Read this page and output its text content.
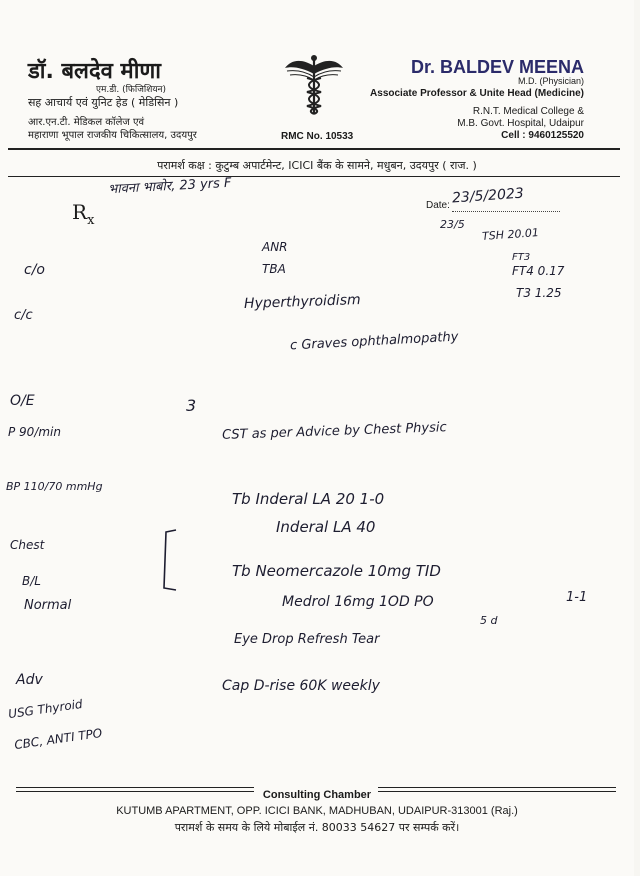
डॉ. बलदेव मीणा
एम.डी. (फिजिशियन)
सह आचार्य एवं युनिट हेड ( मेडिसिन )
आर.एन.टी. मेडिकल कॉलेज एवं
महाराणा भूपाल राजकीय चिकित्सालय, उदयपुर	RMC No. 10533
Dr. BALDEV MEENA
M.D. (Physician)
Associate Professor & Unite Head (Medicine)
R.N.T. Medical College &
M.B. Govt. Hospital, Udaipur
Cell : 9460125520
परामर्श कक्ष : कुटुम्ब अपार्टमेन्ट, ICICI बैंक के सामने, मधुबन, उदयपुर ( राज. )
$R_x$
Date:
भावना भाबोर, 23 yrs F	23/5/2023
23/5
TSH 20.01
FT3
FT4 0.17
T3 1.25
c/o
ANR
TBA
Hyperthyroidism
c Graves ophthalmopathy
c/c
O/E
P 90/min
BP 110/70 mmHg
Chest
B/L
Normal
3
CST as per Advice by Chest Physic
Tb Inderal LA 20 1-0
Inderal LA 40
Tb Neomercazole 10mg TID
Medrol 16mg 1OD PO
5 d
1-1
Eye Drop Refresh Tear
Cap D-rise 60K weekly
Adv
USG Thyroid
CBC, ANTI TPO
Consulting Chamber
KUTUMB APARTMENT, OPP. ICICI BANK, MADHUBAN, UDAIPUR-313001 (Raj.)
परामर्श के समय के लिये मोबाईल नं. 80033 54627 पर सम्पर्क करें।
